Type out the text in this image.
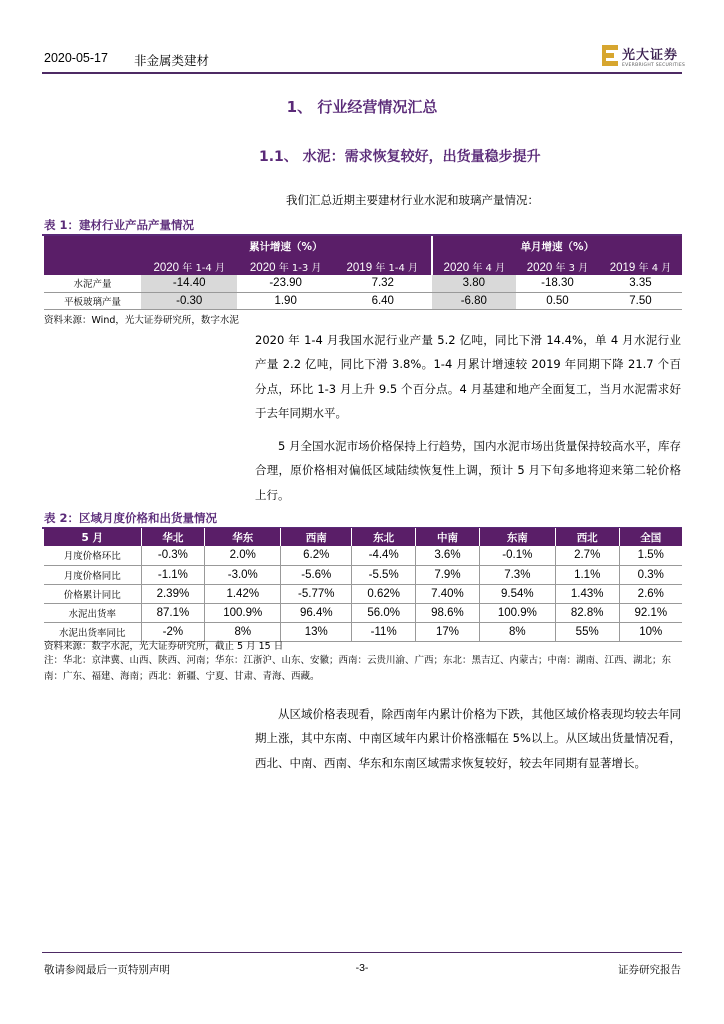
2020-05-17 非金属类建材	光大证券
EVERBRIGHT SECURITIES
1、 行业经营情况汇总
1.1、 水泥：需求恢复较好，出货量稳步提升
我们汇总近期主要建材行业水泥和玻璃产量情况：
表 1：建材行业产品产量情况
	累计增速（%）			单月增速（%）		
	2020 年 1-4 月	2020 年 1-3 月	2019 年 1-4 月	2020 年 4 月	2020 年 3 月	2019 年 4 月
水泥产量	-14.40	-23.90	7.32	3.80	-18.30	3.35
平板玻璃产量	-0.30	1.90	6.40	-6.80	0.50	7.50
资料来源：Wind，光大证券研究所，数字水泥
2020 年 1-4 月我国水泥行业产量 5.2 亿吨，同比下滑 14.4%，单 4 月水泥行业产量 2.2 亿吨，同比下滑 3.8%。1-4 月累计增速较 2019 年同期下降 21.7 个百分点，环比 1-3 月上升 9.5 个百分点。4 月基建和地产全面复工，当月水泥需求好于去年同期水平。
5 月全国水泥市场价格保持上行趋势，国内水泥市场出货量保持较高水平，库存合理，原价格相对偏低区域陆续恢复性上调，预计 5 月下旬多地将迎来第二轮价格上行。
表 2：区域月度价格和出货量情况
5 月	华北	华东	西南	东北	中南	东南	西北	全国
月度价格环比	-0.3%	2.0%	6.2%	-4.4%	3.6%	-0.1%	2.7%	1.5%
月度价格同比	-1.1%	-3.0%	-5.6%	-5.5%	7.9%	7.3%	1.1%	0.3%
价格累计同比	2.39%	1.42%	-5.77%	0.62%	7.40%	9.54%	1.43%	2.6%
水泥出货率	87.1%	100.9%	96.4%	56.0%	98.6%	100.9%	82.8%	92.1%
水泥出货率同比	-2%	8%	13%	-11%	17%	8%	55%	10%
资料来源：数字水泥，光大证券研究所，截止 5 月 15 日
注：华北：京津冀、山西、陕西、河南；华东：江浙沪、山东、安徽；西南：云贵川渝、广西；东北：黑吉辽、内蒙古；中南：湖南、江西、湖北；东南：广东、福建、海南；西北：新疆、宁夏、甘肃、青海、西藏。
从区域价格表现看，除西南年内累计价格为下跌，其他区域价格表现均较去年同期上涨，其中东南、中南区域年内累计价格涨幅在 5%以上。从区域出货量情况看，西北、中南、西南、华东和东南区域需求恢复较好，较去年同期有显著增长。
敬请参阅最后一页特别声明	-3-	证券研究报告
